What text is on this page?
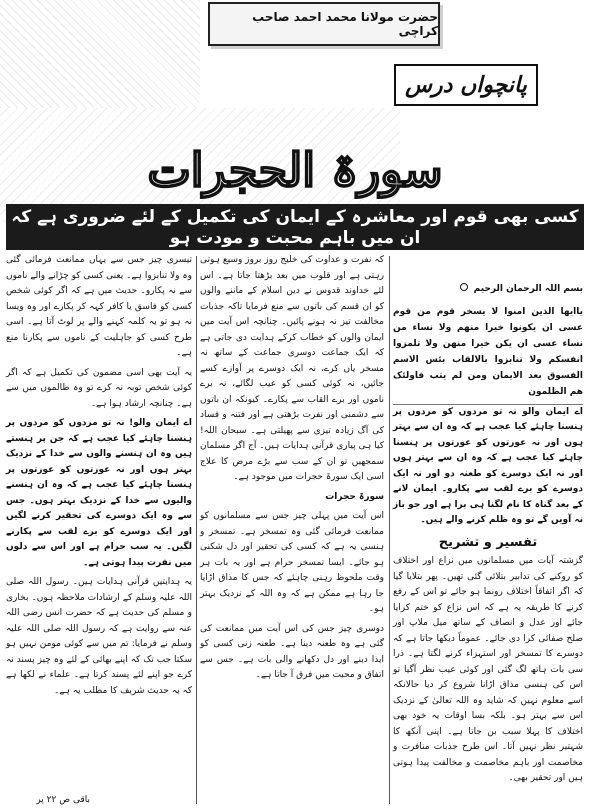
حضرت مولانا محمد احمد صاحب کراچی
پانچواں درس
سورۃ الحجرات
کسی بھی قوم اور معاشرہ کے ایمان کی تکمیل کے لئے ضروری ہے کہ ان میں باہم محبت و مودت ہو
بسم اللہ الرحمان الرحیم
یاایھا الذین امنوا لا یسخر قوم من قوم عسی ان یکونوا خیرا منھم ولا نساء من نساء عسی ان یکن خیرا منھن ولا تلمزوا انفسکم ولا تنابزوا بالالقاب بئس الاسم الفسوق بعد الایمان ومن لم یتب فاولئک ھم الظلمون

اے ایمان والو نہ تو مردوں کو مردوں پر ہنسنا چاہئے کیا عجب ہے کہ وہ ان سے بہتر ہوں اور نہ عورتوں کو عورتوں پر ہنسنا چاہئے کیا عجب ہے کہ وہ ان سے بہتر ہوں اور نہ ایک دوسرے کو طعنہ دو اور نہ ایک دوسرے کو برے لقب سے پکارو۔ ایمان لانے کے بعد گناہ کا نام لگنا ہی برا ہے اور جو باز نہ آویں گے تو وہ ظلم کرنے والے ہیں۔

تفسیر و تشریح

گزشتہ آیات میں مسلمانوں میں نزاع اور اختلاف کو روکنے کی تدابیر بتلائی گئی تھیں۔ پھر بتلایا گیا کہ اگر اتفاقاً اختلاف رونما ہو جائے تو اس کے رفع کرنے کا طریقہ یہ ہے کہ اس نزاع کو ختم کرایا جائے اور عدل و انصاف کے ساتھ میل ملاپ اور صلح صفائی کرا دی جائے۔ عموماً دیکھا جاتا ہے کہ دوسرے کا تمسخر اور استہزاء کرنے لگتا ہے۔ ذرا سی بات ہاتھ لگ گئی اور کوئی عیب نظر آگیا تو اس کی ہنسی مذاق اڑانا شروع کر دیا حالانکہ اسے معلوم نہیں کہ شاید وہ اللہ تعالیٰ کے نزدیک اس سے بہتر ہو۔ بلکہ بسا اوقات یہ خود بھی اختلاف کا پہلا سبب بن جاتا ہے۔ اپنی آنکھ کا شہتیر نظر نہیں آتا۔ اس طرح جذبات منافرت و مخاصمت اور باہم مخاصمت و مخالفت پیدا ہوتی ہیں اور تحقیر بھی۔

کہ نفرت و عداوت کی خلیج روز بروز وسیع ہوتی رہتی ہے اور قلوب میں بعد بڑھتا جاتا ہے۔ اس لئے خداوند قدوس نے دین اسلام کے ماننے والوں کو ان قسم کی باتوں سے منع فرمایا تاکہ جذبات مخالفت تیز نہ ہونے پائیں۔ چنانچہ اس آیت میں ایمان والوں کو خطاب کرکے ہدایت دی جاتی ہے کہ ایک جماعت دوسری جماعت کے ساتھ نہ مسخر یاں کرے، نہ ایک دوسرے پر آوازے کسے جائیں، نہ کوئی کسی کو عیب لگائے، نہ برے ناموں اور برے القاب سے پکارے۔ کیونکہ ان باتوں سے دشمنی اور نفرت بڑھتی ہے اور فتنہ و فساد کی آگ زیادہ تیزی سے پھیلتی ہے۔ سبحان اللہ! کیا ہی پیاری قرآنی ہدایات ہیں۔ آج اگر مسلمان سمجھیں تو ان کے سب سے بڑے مرض کا علاج اسی ایک سورۃ حجرات میں موجود ہے۔

سورۃ حجرات

اس آیت میں پہلی چیز جس سے مسلمانوں کو ممانعت فرمائی گئی وہ تمسخر ہے۔ تمسخر و ہنسی یہ ہے کہ کسی کی تحقیر اور دل شکنی ہو جائے۔ ایسا تمسخر حرام ہے اور یہ بات ہر وقت ملحوظ رہنی چاہئے کہ جس کا مذاق اڑایا جا رہا ہے ممکن ہے کہ وہ اللہ کے نزدیک بہتر ہو۔

دوسری چیز جس کی اس آیت میں ممانعت کی گئی ہے وہ طعنہ دینا ہے۔ طعنہ زنی کسی کو ایذا دینے اور دل دکھانے والی بات ہے۔ جس سے اتفاق و محبت میں فرق آ جاتا ہے۔

تیسری چیز جس سے یہاں ممانعت فرمائی گئی وہ ولا تنابزوا ہے۔ یعنی کسی کو چڑانے والے ناموں سے نہ پکارو۔ حدیث میں ہے کہ اگر کوئی شخص کسی کو فاسق یا کافر کہہ کر پکارے اور وہ ویسا نہ ہو تو یہ کلمہ کہنے والے پر لوٹ آتا ہے۔ اسی طرح کسی کو جاہلیت کے ناموں سے پکارنا منع ہے۔

یہ آیت بھی اسی مضمون کی تکمیل ہے کہ اگر کوئی شخص توبہ نہ کرے تو وہ ظالموں میں سے ہے۔ چنانچہ ارشاد ہوا ہے۔

اے ایمان والو! نہ تو مردوں کو مردوں پر ہنسنا چاہئے کیا عجب ہے کہ جن پر ہنستے ہیں وہ ان ہنسنے والوں سے خدا کے نزدیک بہتر ہوں اور نہ عورتوں کو عورتوں پر ہنسنا چاہئے کیا عجب ہے کہ وہ ان ہنسنے والیوں سے خدا کے نزدیک بہتر ہوں۔ جس سے وہ ایک دوسرے کی تحقیر کرنے لگیں اور ایک دوسرے کو برے لقب سے پکارنے لگیں۔ یہ سب حرام ہے اور اس سے دلوں میں نفرت پیدا ہوتی ہے۔

یہ ہدایتیں قرآنی ہدایات ہیں۔ رسول اللہ صلی اللہ علیہ وسلم کے ارشادات ملاحظہ ہوں۔ بخاری و مسلم کی حدیث ہے کہ حضرت انس رضی اللہ عنہ سے روایت ہے کہ رسول اللہ صلی اللہ علیہ وسلم نے فرمایا: تم میں سے کوئی مومن نہیں ہو سکتا جب تک کہ اپنے بھائی کے لئے وہ چیز پسند نہ کرے جو اپنے لئے پسند کرتا ہے۔ علماء نے لکھا ہے کہ یہ حدیث شریف کا مطلب یہ ہے۔

باقی ص ۲۲ پر
